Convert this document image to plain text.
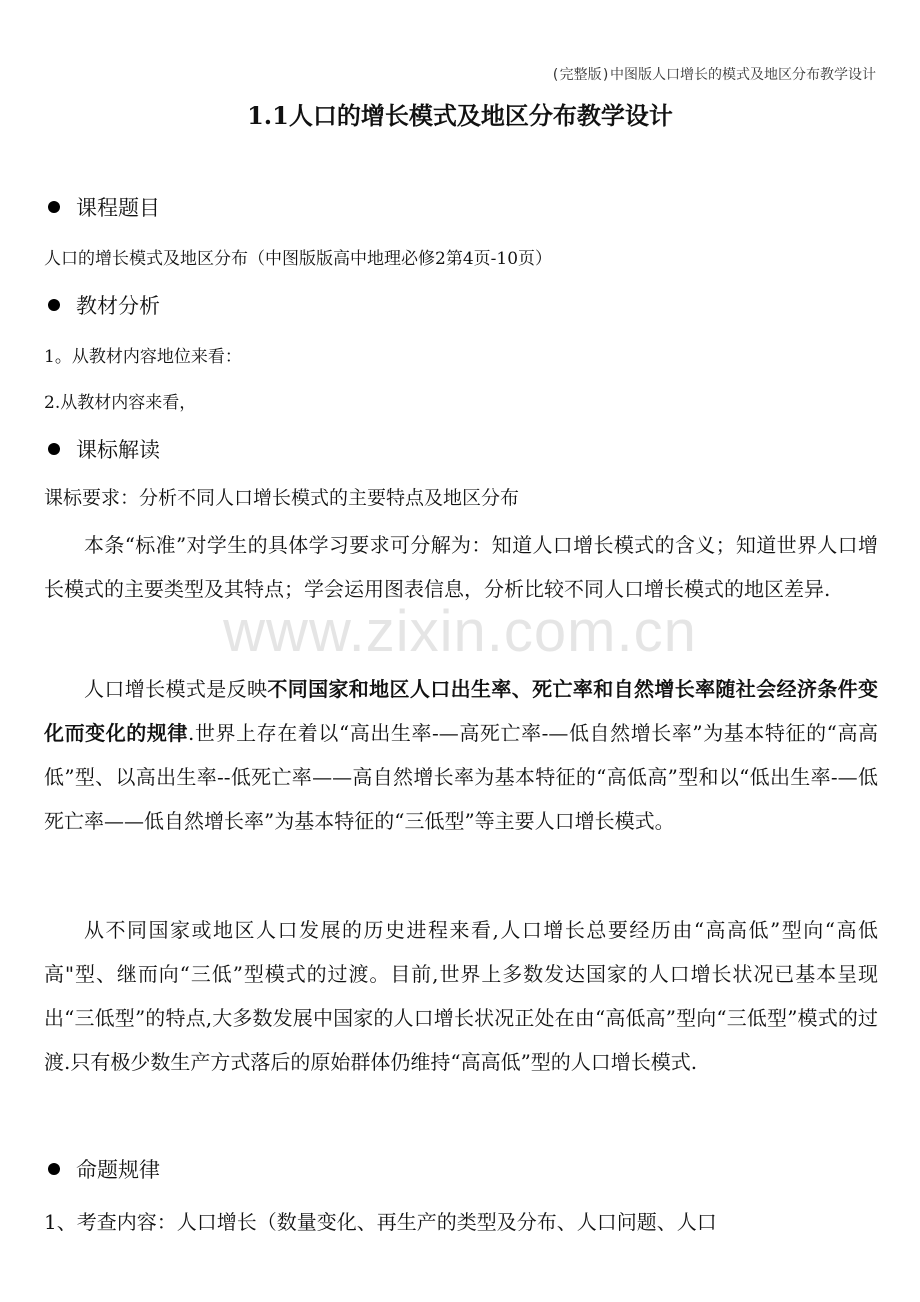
(完整版)中图版人口增长的模式及地区分布教学设计
1.1人口的增长模式及地区分布教学设计
www.zixin.com.cn
课程题目
人口的增长模式及地区分布（中图版版高中地理必修2第4页-10页）
教材分析
1。从教材内容地位来看：
2.从教材内容来看，
课标解读
课标要求：分析不同人口增长模式的主要特点及地区分布
本条“标准”对学生的具体学习要求可分解为：知道人口增长模式的含义；知道世界人口增长模式的主要类型及其特点；学会运用图表信息，分析比较不同人口增长模式的地区差异.
人口增长模式是反映不同国家和地区人口出生率、死亡率和自然增长率随社会经济条件变化而变化的规律.世界上存在着以“高出生率-—高死亡率-—低自然增长率”为基本特征的“高高低”型、以高出生率--低死亡率——高自然增长率为基本特征的“高低高”型和以“低出生率-—低死亡率——低自然增长率”为基本特征的“三低型”等主要人口增长模式。
从不同国家或地区人口发展的历史进程来看,人口增长总要经历由“高高低”型向“高低高"型、继而向“三低”型模式的过渡。目前,世界上多数发达国家的人口增长状况已基本呈现出“三低型”的特点,大多数发展中国家的人口增长状况正处在由“高低高”型向“三低型”模式的过渡.只有极少数生产方式落后的原始群体仍维持“高高低”型的人口增长模式.
命题规律
1、考查内容：人口增长（数量变化、再生产的类型及分布、人口问题、人口
